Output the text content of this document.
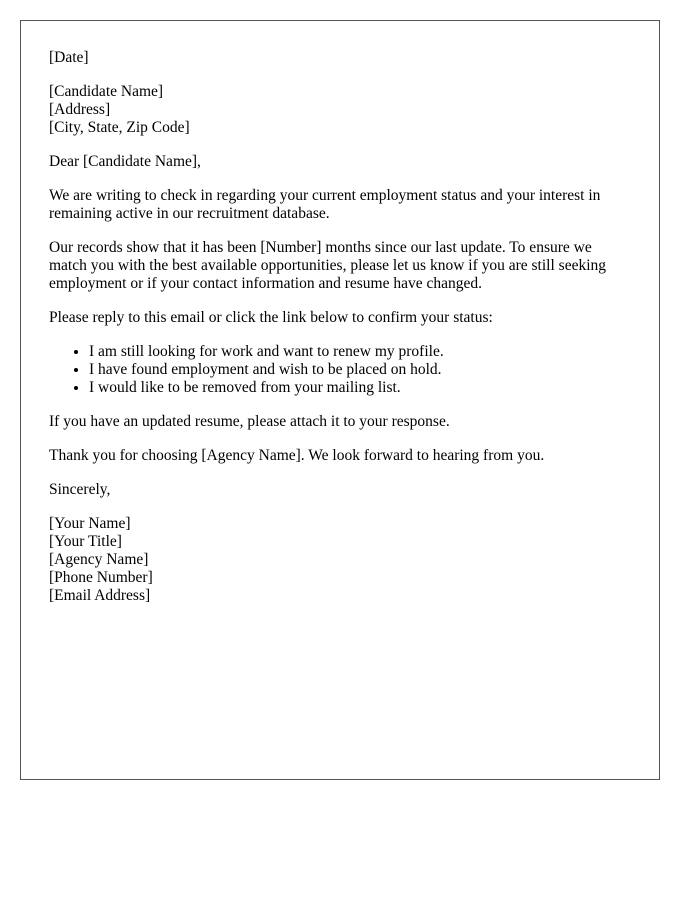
[Date]

[Candidate Name]
[Address]
[City, State, Zip Code]

Dear [Candidate Name],

We are writing to check in regarding your current employment status and your interest in remaining active in our recruitment database.

Our records show that it has been [Number] months since our last update. To ensure we match you with the best available opportunities, please let us know if you are still seeking employment or if your contact information and resume have changed.

Please reply to this email or click the link below to confirm your status:

• I am still looking for work and want to renew my profile.
• I have found employment and wish to be placed on hold.
• I would like to be removed from your mailing list.

If you have an updated resume, please attach it to your response.

Thank you for choosing [Agency Name]. We look forward to hearing from you.

Sincerely,

[Your Name]
[Your Title]
[Agency Name]
[Phone Number]
[Email Address]
